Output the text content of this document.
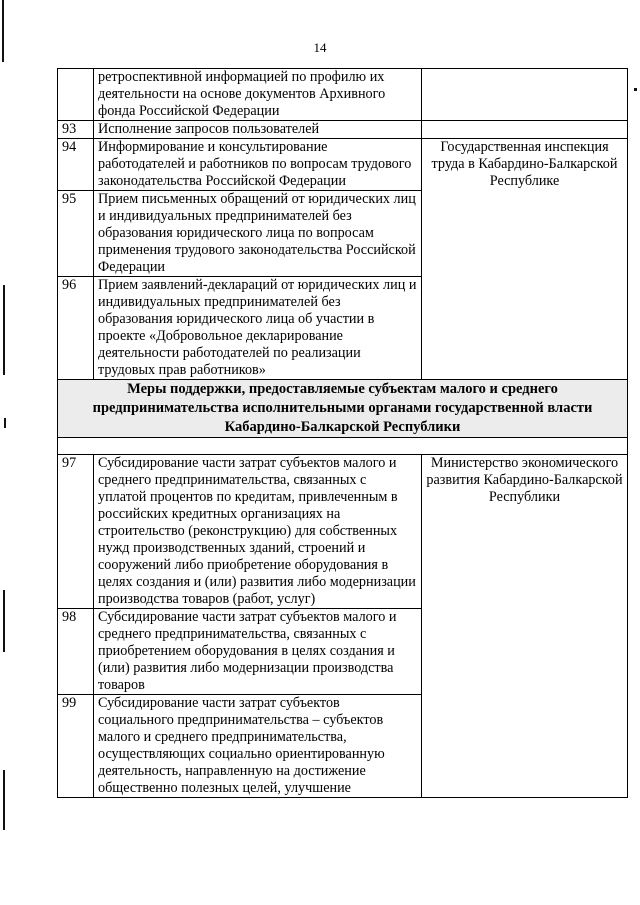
14
	ретроспективной информацией по профилю их деятельности на основе документов Архивного фонда Российской Федерации	
93	Исполнение запросов пользователей	
94	Информирование и консультирование работодателей и работников по вопросам трудового законодательства Российской Федерации	Государственная инспекция труда в Кабардино-Балкарской Республике
95	Прием письменных обращений от юридических лиц и индивидуальных предпринимателей без образования юридического лица по вопросам применения трудового законодательства Российской Федерации	
96	Прием заявлений-деклараций от юридических лиц и индивидуальных предпринимателей без образования юридического лица об участии в проекте «Добровольное декларирование деятельности работодателей по реализации трудовых прав работников»	
Меры поддержки, предоставляемые субъектам малого и среднего предпринимательства исполнительными органами государственной власти Кабардино-Балкарской Республики		

97	Субсидирование части затрат субъектов малого и среднего предпринимательства, связанных с уплатой процентов по кредитам, привлеченным в российских кредитных организациях на строительство (реконструкцию) для собственных нужд производственных зданий, строений и сооружений либо приобретение оборудования в целях создания и (или) развития либо модернизации производства товаров (работ, услуг)	Министерство экономического развития Кабардино-Балкарской Республики
98	Субсидирование части затрат субъектов малого и среднего предпринимательства, связанных с приобретением оборудования в целях создания и (или) развития либо модернизации производства товаров	
99	Субсидирование части затрат субъектов социального предпринимательства – субъектов малого и среднего предпринимательства, осуществляющих социально ориентированную деятельность, направленную на достижение общественно полезных целей, улучшение	
